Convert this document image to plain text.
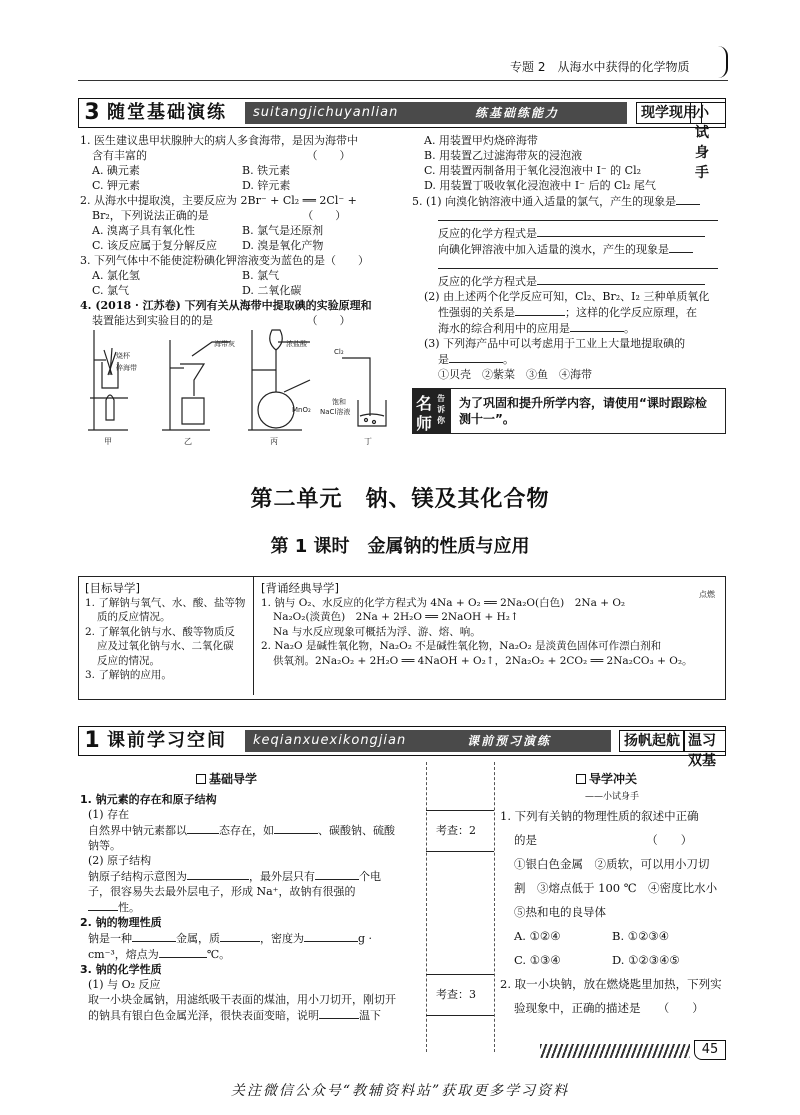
专题 2　从海水中获得的化学物质
3 随堂基础演练 suitangjichuyanlian	练基础练能力	现学现用
小试身手
1. 医生建议患甲状腺肿大的病人多食海带，是因为海带中
含有丰富的　　　　　　　　　　　　　　　（　　）
A. 碘元素	B. 铁元素
C. 钾元素	D. 锌元素
2. 从海水中提取溴，主要反应为 2Br⁻ + Cl₂ ══ 2Cl⁻ +
Br₂，下列说法正确的是　　　　　　　　　（　　）
A. 溴离子具有氧化性	B. 氯气是还原剂
C. 该反应属于复分解反应	D. 溴是氧化产物
3. 下列气体中不能使淀粉碘化钾溶液变为蓝色的是（　　）
A. 氯化氢	B. 氯气
C. 氯气	D. 二氧化碳
4. (2018 · 江苏卷) 下列有关从海带中提取碘的实验原理和
装置能达到实验目的的是　　　　　　　　　（　　）
烧杯
碎海带
海带灰	浓盐酸
MnO₂
Cl₂
饱和
NaCl溶液
甲	乙	丙	丁
A. 用装置甲灼烧碎海带
B. 用装置乙过滤海带灰的浸泡液
C. 用装置丙制备用于氧化浸泡液中 I⁻ 的 Cl₂
D. 用装置丁吸收氧化浸泡液中 I⁻ 后的 Cl₂ 尾气
5. (1) 向溴化钠溶液中通入适量的氯气，产生的现象是
反应的化学方程式是
向碘化钾溶液中加入适量的溴水，产生的现象是
反应的化学方程式是
(2) 由上述两个化学反应可知，Cl₂、Br₂、I₂ 三种单质氧化
性强弱的关系是	；这样的化学反应原理，在
海水的综合利用中的应用是	。
(3) 下列海产品中可以考虑用于工业上大量地提取碘的
是	。
①贝壳　②紫菜　③鱼　④海带
名
师
告诉你
为了巩固和提升所学内容，请使用“课时跟踪检测十一”。
第二单元　钠、镁及其化合物
第 1 课时　金属钠的性质与应用
[目标导学]
1. 了解钠与氧气、水、酸、盐等物
质的反应情况。
2. 了解氧化钠与水、酸等物质反
应及过氧化钠与水、二氧化碳
反应的情况。
3. 了解钠的应用。
[背诵经典导学]
1. 钠与 O₂、水反应的化学方程式为 4Na + O₂ ══ 2Na₂O(白色)　2Na + O₂
点燃
Na₂O₂(淡黄色)　2Na + 2H₂O ══ 2NaOH + H₂↑
Na 与水反应现象可概括为浮、游、熔、响。
2. Na₂O 是碱性氧化物，Na₂O₂ 不是碱性氧化物，Na₂O₂ 是淡黄色固体可作漂白剂和
供氧剂。2Na₂O₂ + 2H₂O ══ 4NaOH + O₂↑，2Na₂O₂ + 2CO₂ ══ 2Na₂CO₃ + O₂。
1 课前学习空间 keqianxuexikongjian	课前预习演练	扬帆起航 温习双基
基础导学
1. 钠元素的存在和原子结构
(1) 存在
自然界中钠元素都以	态存在，如	、碳酸钠、硫酸
钠等。
(2) 原子结构
钠原子结构示意图为	，最外层只有	个电
子，很容易失去最外层电子，形成 Na⁺，故钠有很强的
性。
2. 钠的物理性质
钠是一种	金属，质	，密度为	g ·
cm⁻³，熔点为	℃。
3. 钠的化学性质
(1) 与 O₂ 反应
取一小块金属钠，用滤纸吸干表面的煤油，用小刀切开，刚切开
的钠具有银白色金属光泽，很快表面变暗，说明	温下
考查：2
考查：3
导学冲关
——小试身手
1. 下列有关钠的物理性质的叙述中正确
的是　　　　　　　　　　（　　）
①银白色金属　②质软，可以用小刀切
割　③熔点低于 100 ℃　④密度比水小
⑤热和电的良导体
A. ①②④	B. ①②③④
C. ①③④	D. ①②③④⑤
2. 取一小块钠，放在燃烧匙里加热，下列实
验现象中，正确的描述是　　（　　）
45
关注微信公众号“教辅资料站”获取更多学习资料
